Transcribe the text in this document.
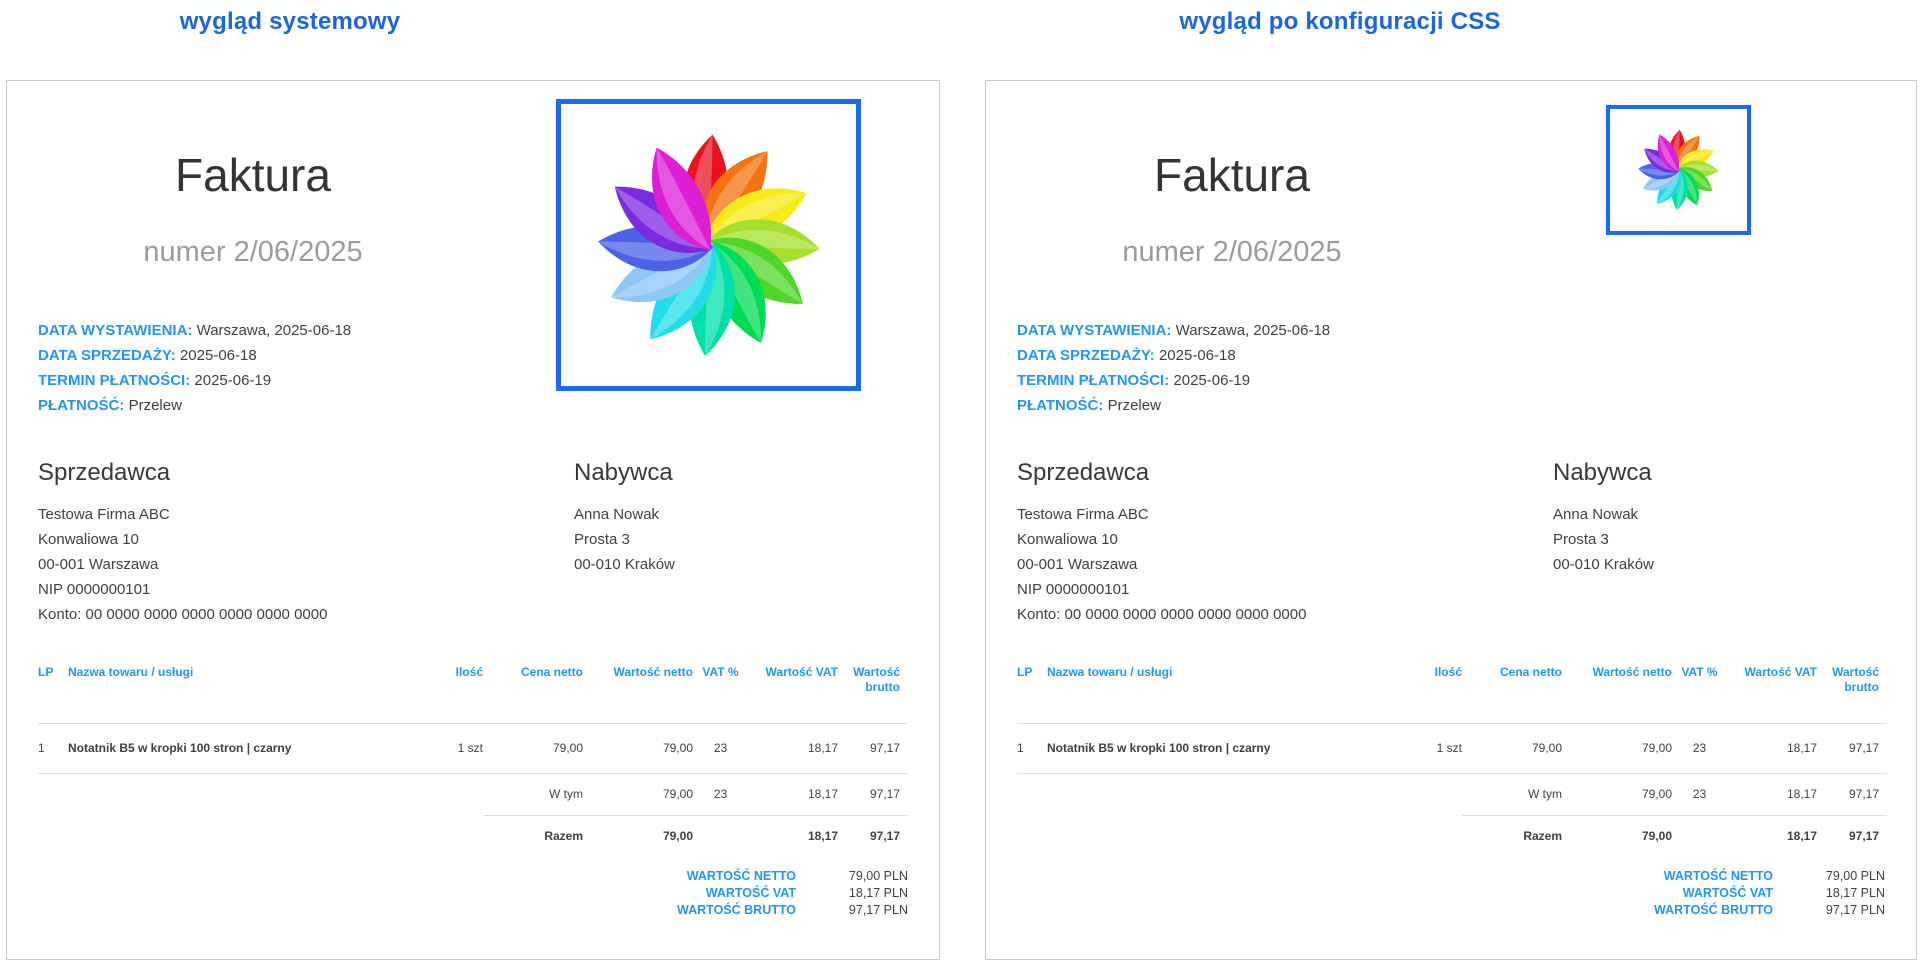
wygląd systemowy	wygląd po konfiguracji CSS
Faktura
numer 2/06/2025
DATA WYSTAWIENIA: Warszawa, 2025-06-18
DATA SPRZEDAŻY: 2025-06-18
TERMIN PŁATNOŚCI: 2025-06-19
PŁATNOŚĆ: Przelew
Sprzedawca
Testowa Firma ABC
Konwaliowa 10
00-001 Warszawa
NIP 0000000101
Konto: 00 0000 0000 0000 0000 0000 0000
Nabywca
Anna Nowak
Prosta 3
00-010 Kraków
LP	Nazwa towaru / usługi	Ilość	Cena netto	Wartość netto	VAT %	Wartość VAT	Wartość brutto
1	Notatnik B5 w kropki 100 stron | czarny	1 szt	79,00	79,00	23	18,17	97,17
			W tym	79,00	23	18,17	97,17
			Razem	79,00		18,17	97,17
WARTOŚĆ NETTO	79,00 PLN
WARTOŚĆ VAT	18,17 PLN
WARTOŚĆ BRUTTO	97,17 PLN
Faktura
numer 2/06/2025
DATA WYSTAWIENIA: Warszawa, 2025-06-18
DATA SPRZEDAŻY: 2025-06-18
TERMIN PŁATNOŚCI: 2025-06-19
PŁATNOŚĆ: Przelew
Sprzedawca
Testowa Firma ABC
Konwaliowa 10
00-001 Warszawa
NIP 0000000101
Konto: 00 0000 0000 0000 0000 0000 0000
Nabywca
Anna Nowak
Prosta 3
00-010 Kraków
LP	Nazwa towaru / usługi	Ilość	Cena netto	Wartość netto	VAT %	Wartość VAT	Wartość brutto
1	Notatnik B5 w kropki 100 stron | czarny	1 szt	79,00	79,00	23	18,17	97,17
			W tym	79,00	23	18,17	97,17
			Razem	79,00		18,17	97,17
WARTOŚĆ NETTO	79,00 PLN
WARTOŚĆ VAT	18,17 PLN
WARTOŚĆ BRUTTO	97,17 PLN
